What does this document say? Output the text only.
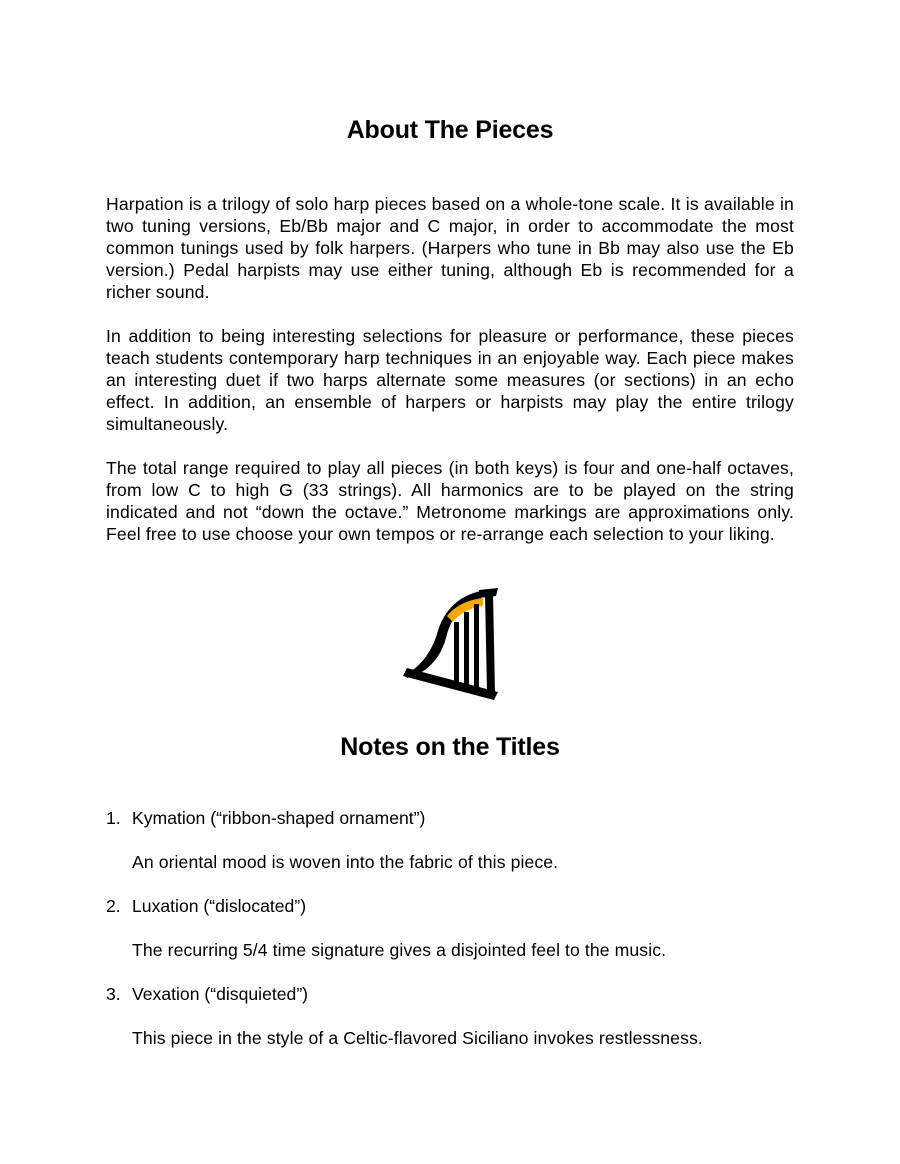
About The Pieces

Harpation is a trilogy of solo harp pieces based on a whole-tone scale. It is available in two tuning versions, Eb/Bb major and C major, in order to accommodate the most common tunings used by folk harpers. (Harpers who tune in Bb may also use the Eb version.) Pedal harpists may use either tuning, although Eb is recommended for a richer sound.

In addition to being interesting selections for pleasure or performance, these pieces teach students contemporary harp techniques in an enjoyable way. Each piece makes an interesting duet if two harps alternate some measures (or sections) in an echo effect. In addition, an ensemble of harpers or harpists may play the entire trilogy simultaneously.

The total range required to play all pieces (in both keys) is four and one-half octaves, from low C to high G (33 strings). All harmonics are to be played on the string indicated and not “down the octave.” Metronome markings are approximations only. Feel free to use choose your own tempos or re-arrange each selection to your liking.

Notes on the Titles

1. Kymation (“ribbon-shaped ornament”)

An oriental mood is woven into the fabric of this piece.

2. Luxation (“dislocated”)

The recurring 5/4 time signature gives a disjointed feel to the music.

3. Vexation (“disquieted”)

This piece in the style of a Celtic-flavored Siciliano invokes restlessness.
